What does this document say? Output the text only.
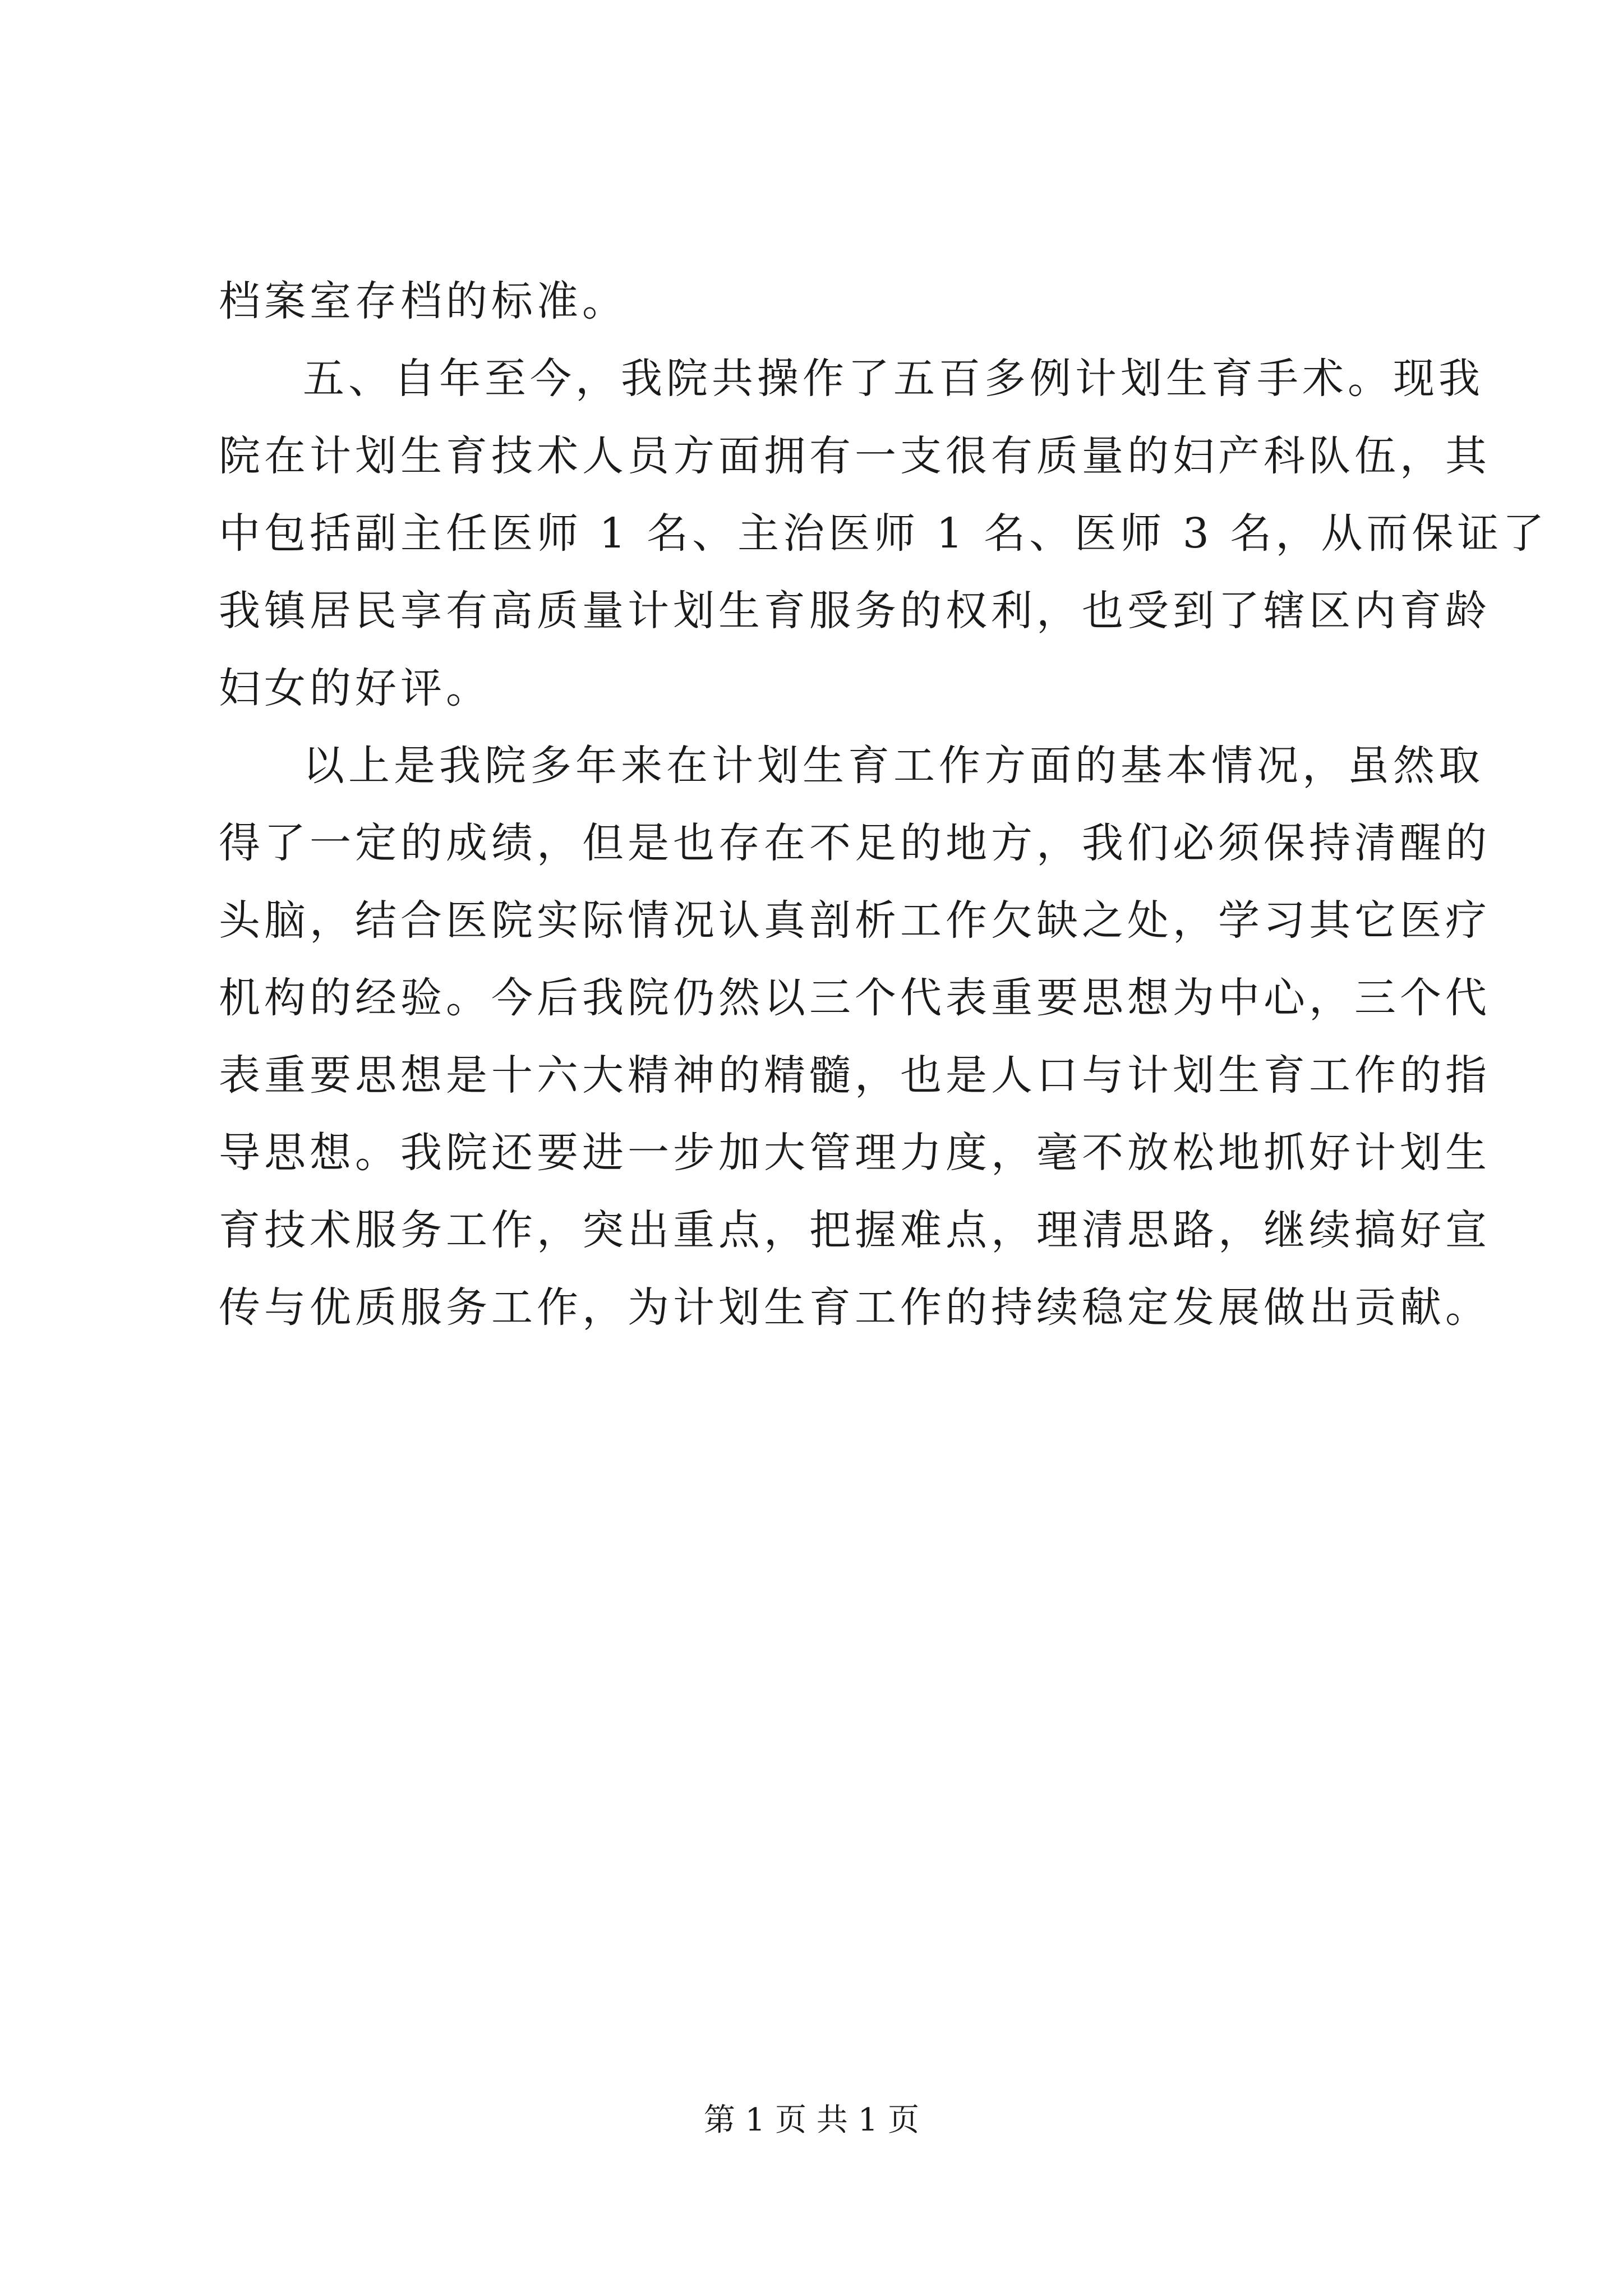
档案室存档的标准。
五、自年至今，我院共操作了五百多例计划生育手术。现我
院在计划生育技术人员方面拥有一支很有质量的妇产科队伍，其
中包括副主任医师 1 名、主治医师 1 名、医师 3 名，从而保证了
我镇居民享有高质量计划生育服务的权利，也受到了辖区内育龄
妇女的好评。
以上是我院多年来在计划生育工作方面的基本情况，虽然取
得了一定的成绩，但是也存在不足的地方，我们必须保持清醒的
头脑，结合医院实际情况认真剖析工作欠缺之处，学习其它医疗
机构的经验。今后我院仍然以三个代表重要思想为中心，三个代
表重要思想是十六大精神的精髓，也是人口与计划生育工作的指
导思想。我院还要进一步加大管理力度，毫不放松地抓好计划生
育技术服务工作，突出重点，把握难点，理清思路，继续搞好宣
传与优质服务工作，为计划生育工作的持续稳定发展做出贡献。
第 1 页 共 1 页
